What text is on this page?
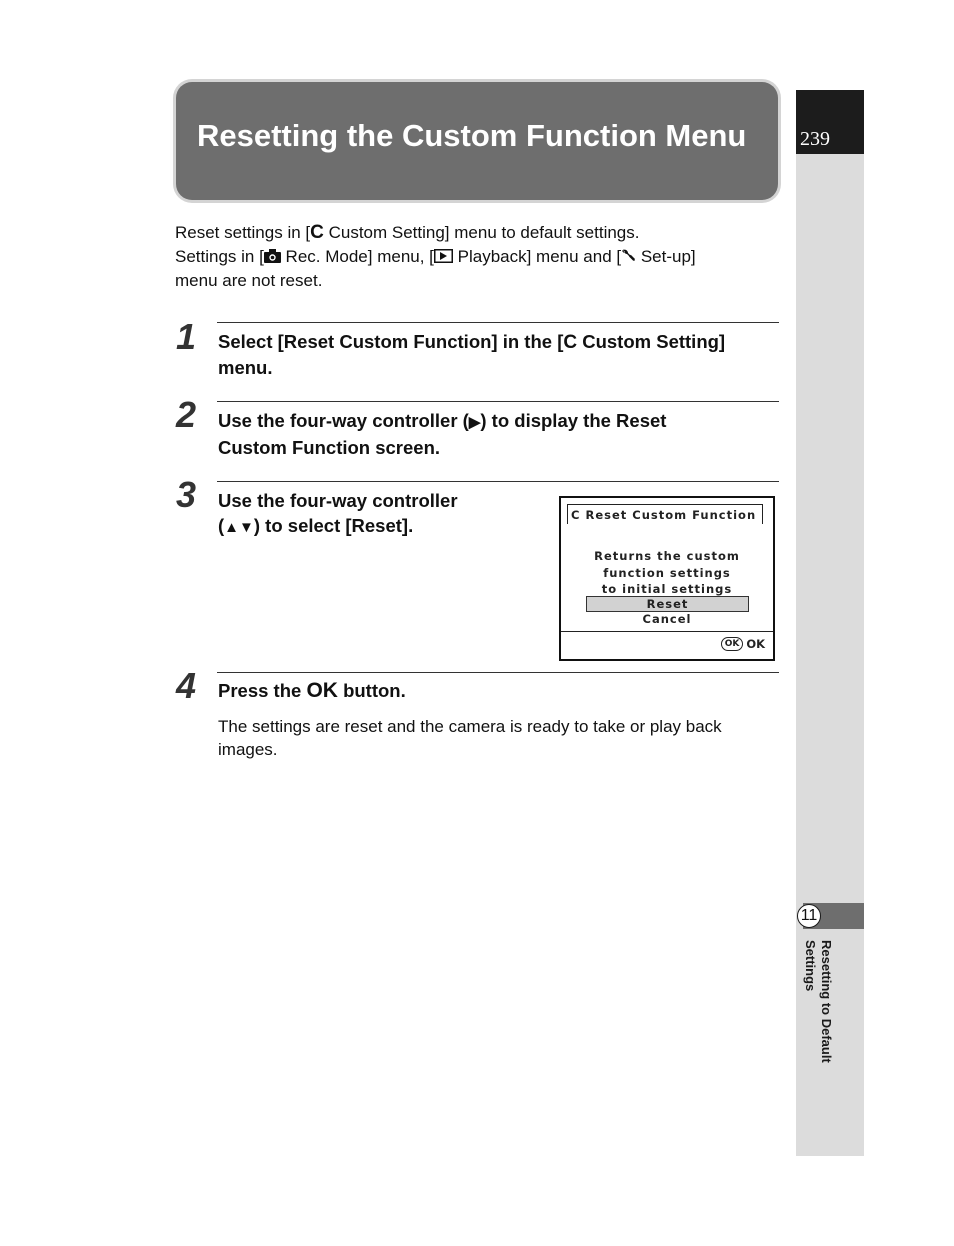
Resetting the Custom Function Menu	239
11
Resetting to Default
Settings
Reset settings in [C Custom Setting] menu to default settings.
Settings in [ Rec. Mode] menu, [ Playback] menu and [ Set-up]
menu are not reset.
1 Select [Reset Custom Function] in the [C Custom Setting]
menu.
2 Use the four-way controller (▶) to display the Reset
Custom Function screen.
3 Use the four-way controller
(▲▼) to select [Reset].	C Reset Custom Function
Returns the custom
function settings
to initial settings
Reset
Cancel
OK OK
4 Press the OK button.
The settings are reset and the camera is ready to take or play back
images.
